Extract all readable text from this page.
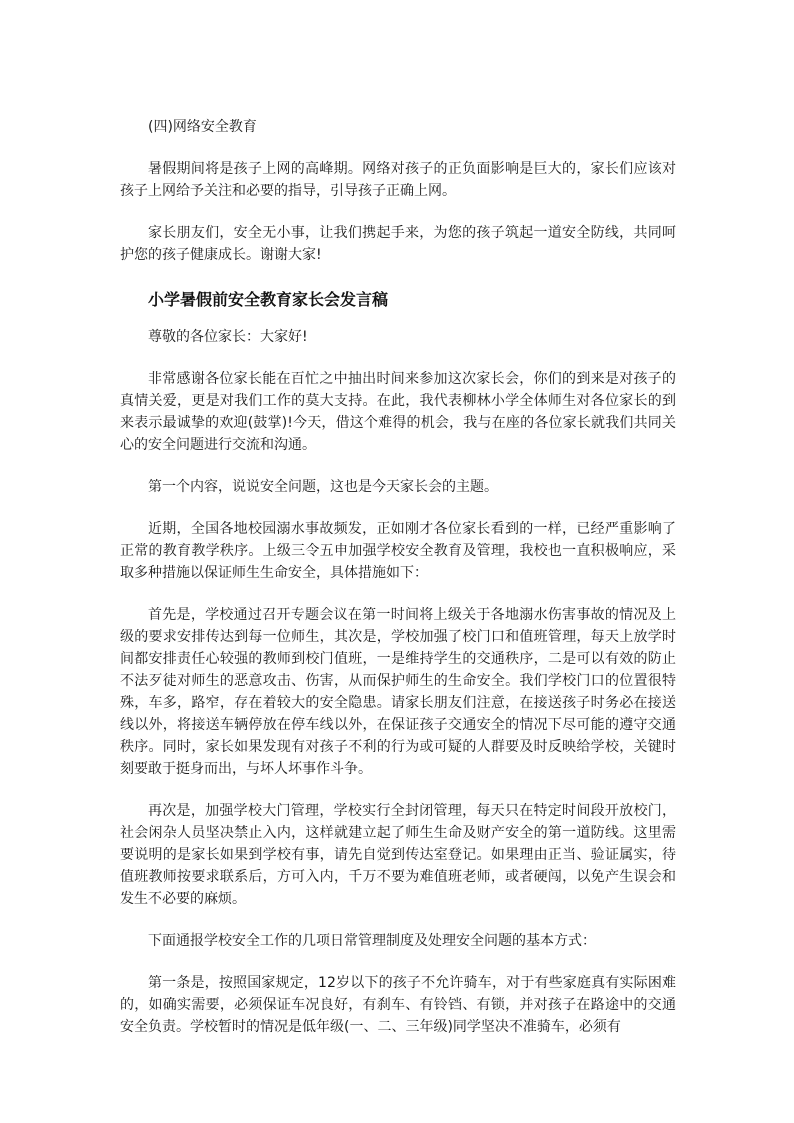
(四)网络安全教育

暑假期间将是孩子上网的高峰期。网络对孩子的正负面影响是巨大的，家长们应该对孩子上网给予关注和必要的指导，引导孩子正确上网。

家长朋友们，安全无小事，让我们携起手来，为您的孩子筑起一道安全防线，共同呵护您的孩子健康成长。谢谢大家!

小学暑假前安全教育家长会发言稿

尊敬的各位家长：大家好!

非常感谢各位家长能在百忙之中抽出时间来参加这次家长会，你们的到来是对孩子的真情关爱，更是对我们工作的莫大支持。在此，我代表柳林小学全体师生对各位家长的到来表示最诚挚的欢迎(鼓掌)!今天，借这个难得的机会，我与在座的各位家长就我们共同关心的安全问题进行交流和沟通。

第一个内容，说说安全问题，这也是今天家长会的主题。

近期，全国各地校园溺水事故频发，正如刚才各位家长看到的一样，已经严重影响了正常的教育教学秩序。上级三令五申加强学校安全教育及管理，我校也一直积极响应，采取多种措施以保证师生生命安全，具体措施如下：

首先是，学校通过召开专题会议在第一时间将上级关于各地溺水伤害事故的情况及上级的要求安排传达到每一位师生，其次是，学校加强了校门口和值班管理，每天上放学时间都安排责任心较强的教师到校门值班，一是维持学生的交通秩序，二是可以有效的防止不法歹徒对师生的恶意攻击、伤害，从而保护师生的生命安全。我们学校门口的位置很特殊，车多，路窄，存在着较大的安全隐患。请家长朋友们注意，在接送孩子时务必在接送线以外，将接送车辆停放在停车线以外，在保证孩子交通安全的情况下尽可能的遵守交通秩序。同时，家长如果发现有对孩子不利的行为或可疑的人群要及时反映给学校，关键时刻要敢于挺身而出，与坏人坏事作斗争。

再次是，加强学校大门管理，学校实行全封闭管理，每天只在特定时间段开放校门，社会闲杂人员坚决禁止入内，这样就建立起了师生生命及财产安全的第一道防线。这里需要说明的是家长如果到学校有事，请先自觉到传达室登记。如果理由正当、验证属实，待值班教师按要求联系后，方可入内，千万不要为难值班老师，或者硬闯，以免产生误会和发生不必要的麻烦。

下面通报学校安全工作的几项日常管理制度及处理安全问题的基本方式：

第一条是，按照国家规定，12岁以下的孩子不允许骑车，对于有些家庭真有实际困难的，如确实需要，必须保证车况良好，有刹车、有铃铛、有锁，并对孩子在路途中的交通安全负责。学校暂时的情况是低年级(一、二、三年级)同学坚决不准骑车，必须有
